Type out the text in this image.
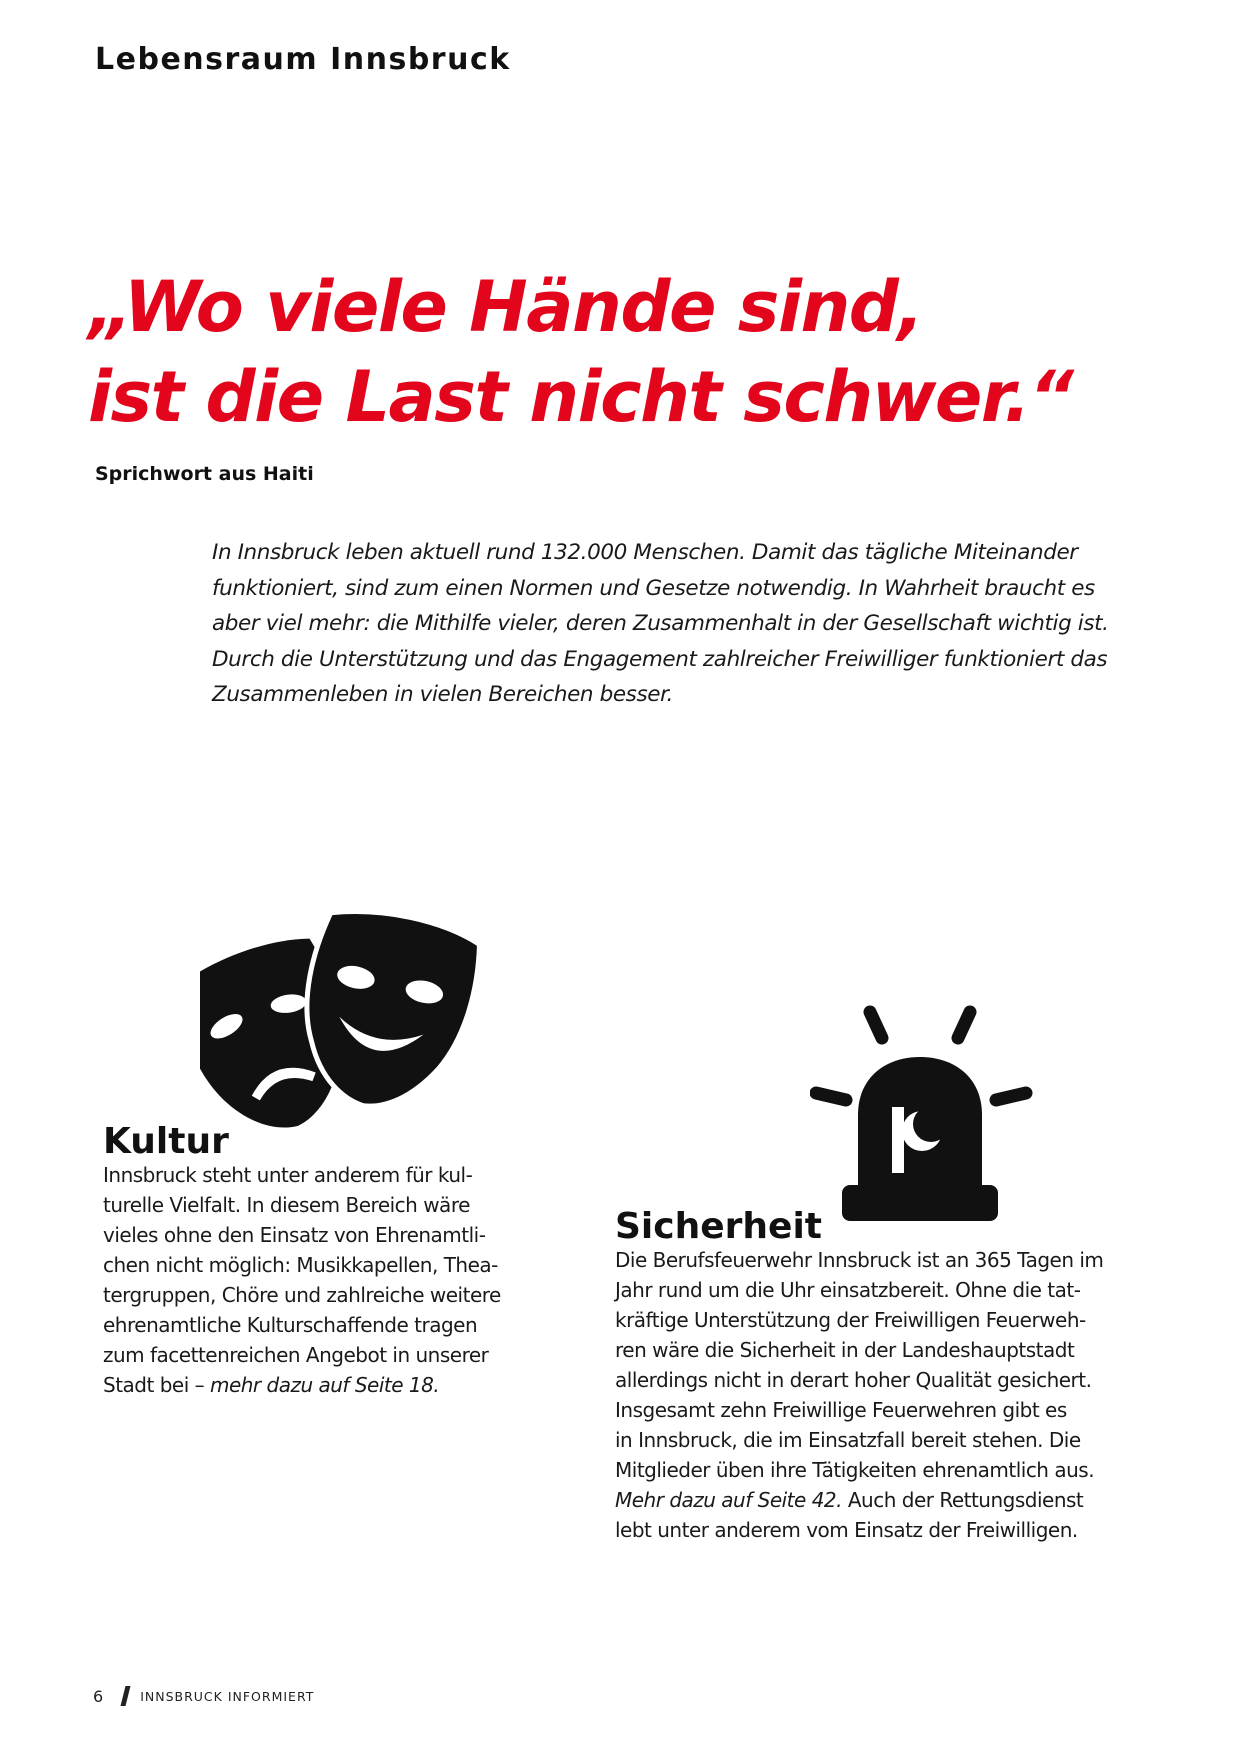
Lebensraum Innsbruck
„Wo viele Hände sind,
ist die Last nicht schwer.“
Sprichwort aus Haiti
In Innsbruck leben aktuell rund 132.000 Menschen. Damit das tägliche Miteinander
funktioniert, sind zum einen Normen und Gesetze notwendig. In Wahrheit braucht es
aber viel mehr: die Mithilfe vieler, deren Zusammenhalt in der Gesellschaft wichtig ist.
Durch die Unterstützung und das Engagement zahlreicher Freiwilliger funktioniert das
Zusammenleben in vielen Bereichen besser.
Kultur
Innsbruck steht unter anderem für kul-
turelle Vielfalt. In diesem Bereich wäre
vieles ohne den Einsatz von Ehrenamtli-
chen nicht möglich: Musikkapellen, Thea-
tergruppen, Chöre und zahlreiche weitere
ehrenamtliche Kulturschaffende tragen
zum facettenreichen Angebot in unserer
Stadt bei – mehr dazu auf Seite 18.
Sicherheit
Die Berufsfeuerwehr Innsbruck ist an 365 Tagen im
Jahr rund um die Uhr einsatzbereit. Ohne die tat-
kräftige Unterstützung der Freiwilligen Feuerweh-
ren wäre die Sicherheit in der Landeshauptstadt
allerdings nicht in derart hoher Qualität gesichert.
Insgesamt zehn Freiwillige Feuerwehren gibt es
in Innsbruck, die im Einsatzfall bereit stehen. Die
Mitglieder üben ihre Tätigkeiten ehrenamtlich aus.
Mehr dazu auf Seite 42. Auch der Rettungsdienst
lebt unter anderem vom Einsatz der Freiwilligen.
6	INNSBRUCK INFORMIERT
